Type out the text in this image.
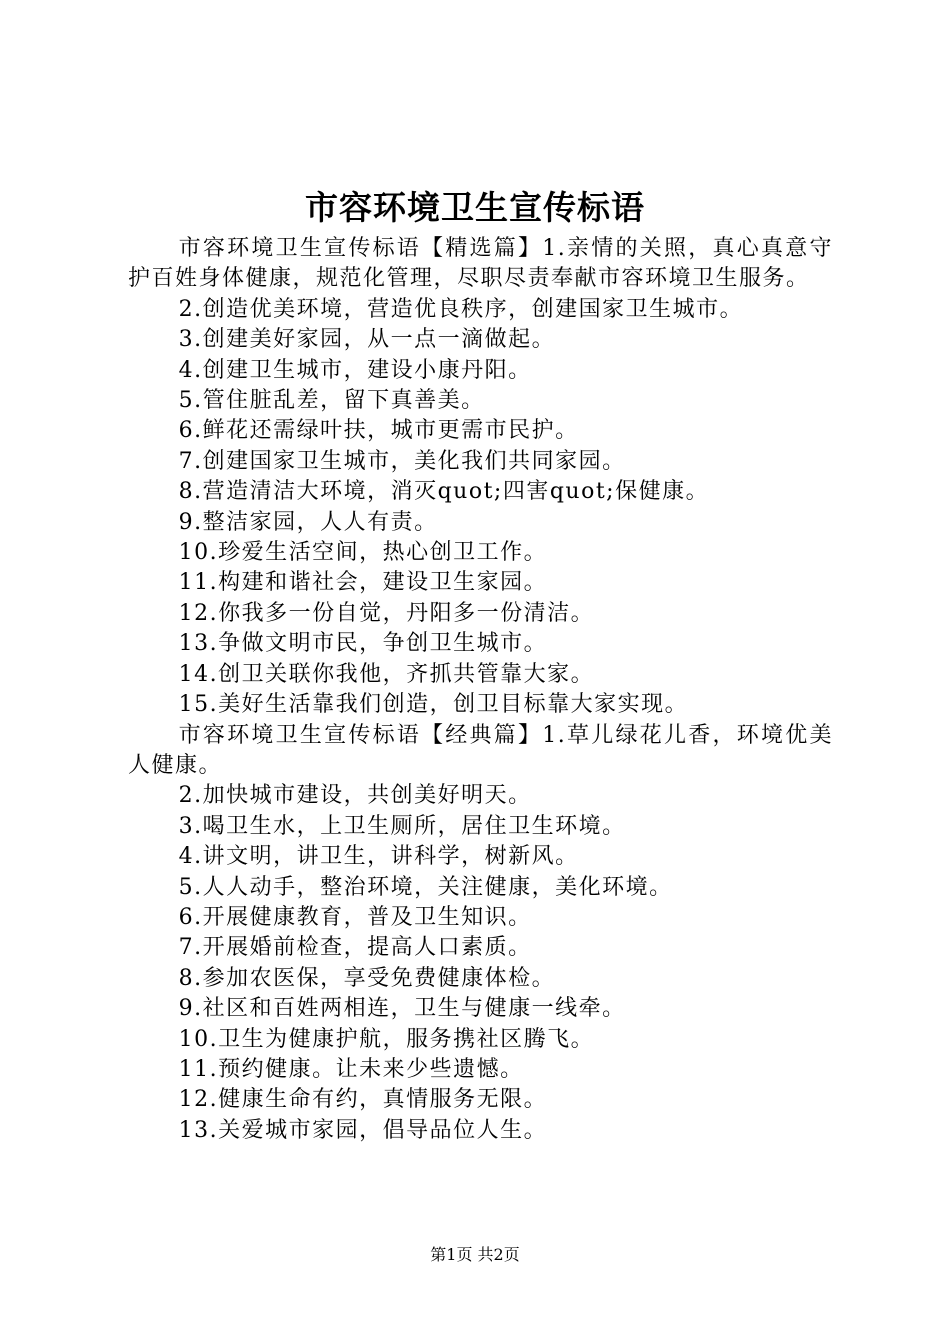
市容环境卫生宣传标语

市容环境卫生宣传标语【精选篇】1.亲情的关照，真心真意守护百姓身体健康，规范化管理，尽职尽责奉献市容环境卫生服务。

2.创造优美环境，营造优良秩序，创建国家卫生城市。

3.创建美好家园，从一点一滴做起。

4.创建卫生城市，建设小康丹阳。

5.管住脏乱差，留下真善美。

6.鲜花还需绿叶扶，城市更需市民护。

7.创建国家卫生城市，美化我们共同家园。

8.营造清洁大环境，消灭quot;四害quot;保健康。

9.整洁家园，人人有责。

10.珍爱生活空间，热心创卫工作。

11.构建和谐社会，建设卫生家园。

12.你我多一份自觉，丹阳多一份清洁。

13.争做文明市民，争创卫生城市。

14.创卫关联你我他，齐抓共管靠大家。

15.美好生活靠我们创造，创卫目标靠大家实现。

市容环境卫生宣传标语【经典篇】1.草儿绿花儿香，环境优美人健康。

2.加快城市建设，共创美好明天。

3.喝卫生水，上卫生厕所，居住卫生环境。

4.讲文明，讲卫生，讲科学，树新风。

5.人人动手，整治环境，关注健康，美化环境。

6.开展健康教育，普及卫生知识。

7.开展婚前检查，提高人口素质。

8.参加农医保，享受免费健康体检。

9.社区和百姓两相连，卫生与健康一线牵。

10.卫生为健康护航，服务携社区腾飞。

11.预约健康。让未来少些遗憾。

12.健康生命有约，真情服务无限。

13.关爱城市家园，倡导品位人生。

第1页 共2页
